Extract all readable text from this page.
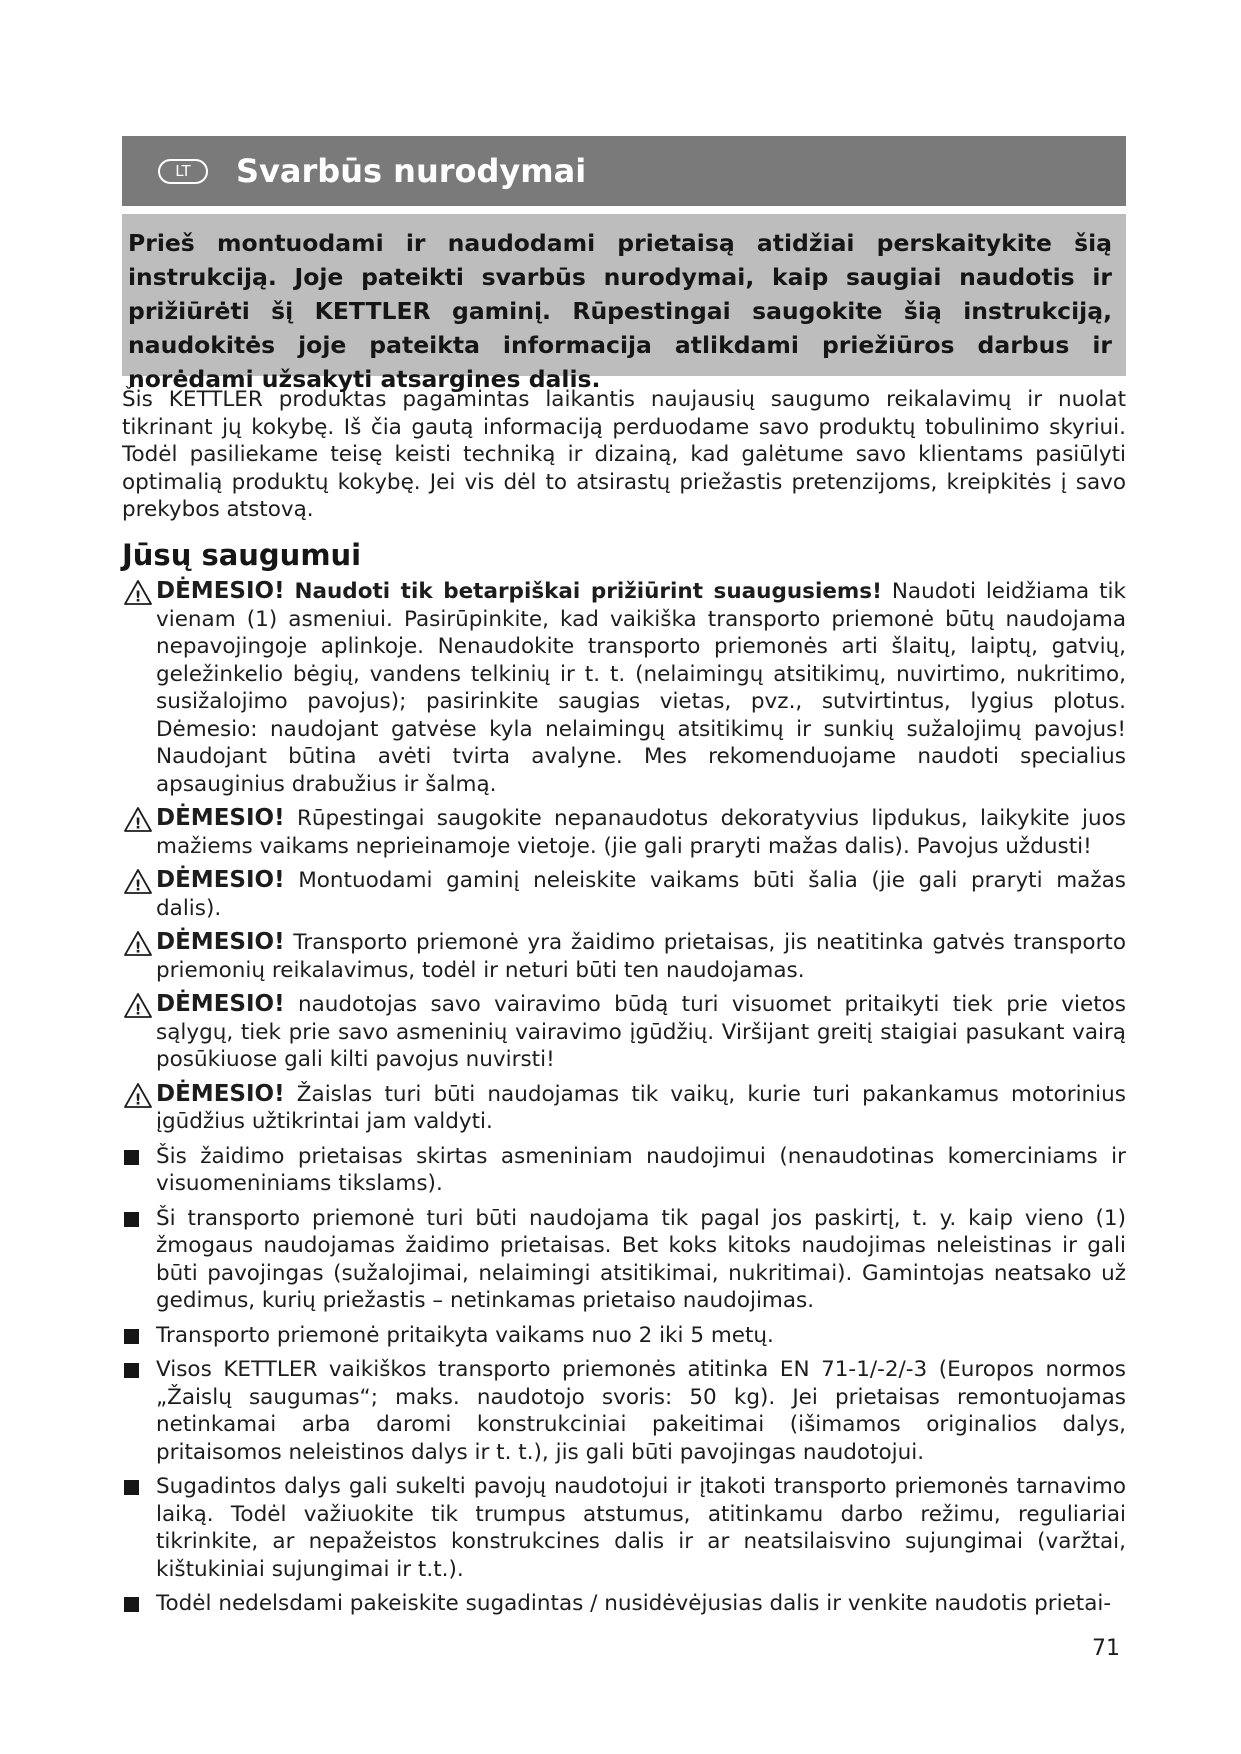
LT	Svarbūs nurodymai

Prieš montuodami ir naudodami prietaisą atidžiai perskaitykite šią instrukciją. Joje pateikti svarbūs nurodymai, kaip saugiai naudotis ir prižiūrėti šį KETTLER gaminį. Rūpestingai saugokite šią instrukciją, naudokitės joje pateikta informacija atlikdami priežiūros darbus ir norėdami užsakyti atsargines dalis.

Šis KETTLER produktas pagamintas laikantis naujausių saugumo reikalavimų ir nuolat tikrinant jų kokybę. Iš čia gautą informaciją perduodame savo produktų tobulinimo skyriui. Todėl pasiliekame teisę keisti techniką ir dizainą, kad galėtume savo klientams pasiūlyti optimalią produktų kokybę. Jei vis dėl to atsirastų priežastis pretenzijoms, kreipkitės į savo prekybos atstovą.

Jūsų saugumui
! DĖMESIO! Naudoti tik betarpiškai prižiūrint suaugusiems! Naudoti leidžiama tik vienam (1) asmeniui. Pasirūpinkite, kad vaikiška transporto priemonė būtų naudojama nepavojingoje aplinkoje. Nenaudokite transporto priemonės arti šlaitų, laiptų, gatvių, geležinkelio bėgių, vandens telkinių ir t. t. (nelaimingų atsitikimų, nuvirtimo, nukritimo, susižalojimo pavojus); pasirinkite saugias vietas, pvz., sutvirtintus, lygius plotus. Dėmesio: naudojant gatvėse kyla nelaimingų atsitikimų ir sunkių sužalojimų pavojus! Naudojant būtina avėti tvirta avalyne. Mes rekomenduojame naudoti specialius apsauginius drabužius ir šalmą.
! DĖMESIO! Rūpestingai saugokite nepanaudotus dekoratyvius lipdukus, laikykite juos mažiems vaikams neprieinamoje vietoje. (jie gali praryti mažas dalis). Pavojus uždusti!
! DĖMESIO! Montuodami gaminį neleiskite vaikams būti šalia (jie gali praryti mažas dalis).
! DĖMESIO! Transporto priemonė yra žaidimo prietaisas, jis neatitinka gatvės transporto priemonių reikalavimus, todėl ir neturi būti ten naudojamas.
! DĖMESIO! naudotojas savo vairavimo būdą turi visuomet pritaikyti tiek prie vietos sąlygų, tiek prie savo asmeninių vairavimo įgūdžių. Viršijant greitį staigiai pasukant vairą posūkiuose gali kilti pavojus nuvirsti!
! DĖMESIO! Žaislas turi būti naudojamas tik vaikų, kurie turi pakankamus motorinius įgūdžius užtikrintai jam valdyti.
Šis žaidimo prietaisas skirtas asmeniniam naudojimui (nenaudotinas komerciniams ir visuomeniniams tikslams).
Ši transporto priemonė turi būti naudojama tik pagal jos paskirtį, t. y. kaip vieno (1) žmogaus naudojamas žaidimo prietaisas. Bet koks kitoks naudojimas neleistinas ir gali būti pavojingas (sužalojimai, nelaimingi atsitikimai, nukritimai). Gamintojas neatsako už gedimus, kurių priežastis – netinkamas prietaiso naudojimas.
Transporto priemonė pritaikyta vaikams nuo 2 iki 5 metų.
Visos KETTLER vaikiškos transporto priemonės atitinka EN 71-1/-2/-3 (Europos normos „Žaislų saugumas“; maks. naudotojo svoris: 50 kg). Jei prietaisas remontuojamas netinkamai arba daromi konstrukciniai pakeitimai (išimamos originalios dalys, pritaisomos neleistinos dalys ir t. t.), jis gali būti pavojingas naudotojui.
Sugadintos dalys gali sukelti pavojų naudotojui ir įtakoti transporto priemonės tarnavimo laiką. Todėl važiuokite tik trumpus atstumus, atitinkamu darbo režimu, reguliariai tikrinkite, ar nepažeistos konstrukcines dalis ir ar neatsilaisvino sujungimai (varžtai, kištukiniai sujungimai ir t.t.).
Todėl nedelsdami pakeiskite sugadintas / nusidėvėjusias dalis ir venkite naudotis prietai-
71
